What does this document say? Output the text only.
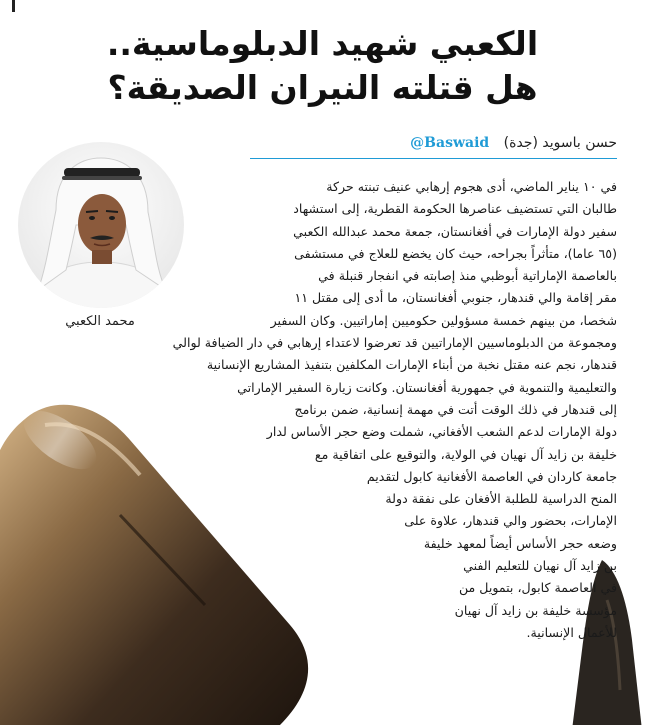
الكعبي شهيد الدبلوماسية..
هل قتلته النيران الصديقة؟
حسن باسويد (جدة) @Baswaid
محمد الكعبي
في ١٠ يناير الماضي، أدى هجوم إرهابي عنيف تبنته حركة
طالبان التي تستضيف عناصرها الحكومة القطرية، إلى استشهاد
سفير دولة الإمارات في أفغانستان، جمعة محمد عبدالله الكعبي
(٦٥ عاما)، متأثراً بجراحه، حيث كان يخضع للعلاج في مستشفى
بالعاصمة الإماراتية أبوظبي منذ إصابته في انفجار قنبلة في
مقر إقامة والي قندهار، جنوبي أفغانستان، ما أدى إلى مقتل ١١
شخصا، من بينهم خمسة مسؤولين حكوميين إماراتيين. وكان السفير
ومجموعة من الدبلوماسيين الإماراتيين قد تعرضوا لاعتداء إرهابي في دار الضيافة لوالي
قندهار، نجم عنه مقتل نخبة من أبناء الإمارات المكلفين بتنفيذ المشاريع الإنسانية
والتعليمية والتنموية في جمهورية أفغانستان. وكانت زيارة السفير الإماراتي
إلى قندهار في ذلك الوقت أتت في مهمة إنسانية، ضمن برنامج
دولة الإمارات لدعم الشعب الأفغاني، شملت وضع حجر الأساس لدار
خليفة بن زايد آل نهيان في الولاية، والتوقيع على اتفاقية مع
جامعة كاردان في العاصمة الأفغانية كابول لتقديم
المنح الدراسية للطلبة الأفغان على نفقة دولة
الإمارات، بحضور والي قندهار، علاوة على
وضعه حجر الأساس أيضاً لمعهد خليفة
بن زايد آل نهيان للتعليم الفني
في العاصمة كابول، بتمويل من
مؤسسة خليفة بن زايد آل نهيان
للأعمال الإنسانية.
